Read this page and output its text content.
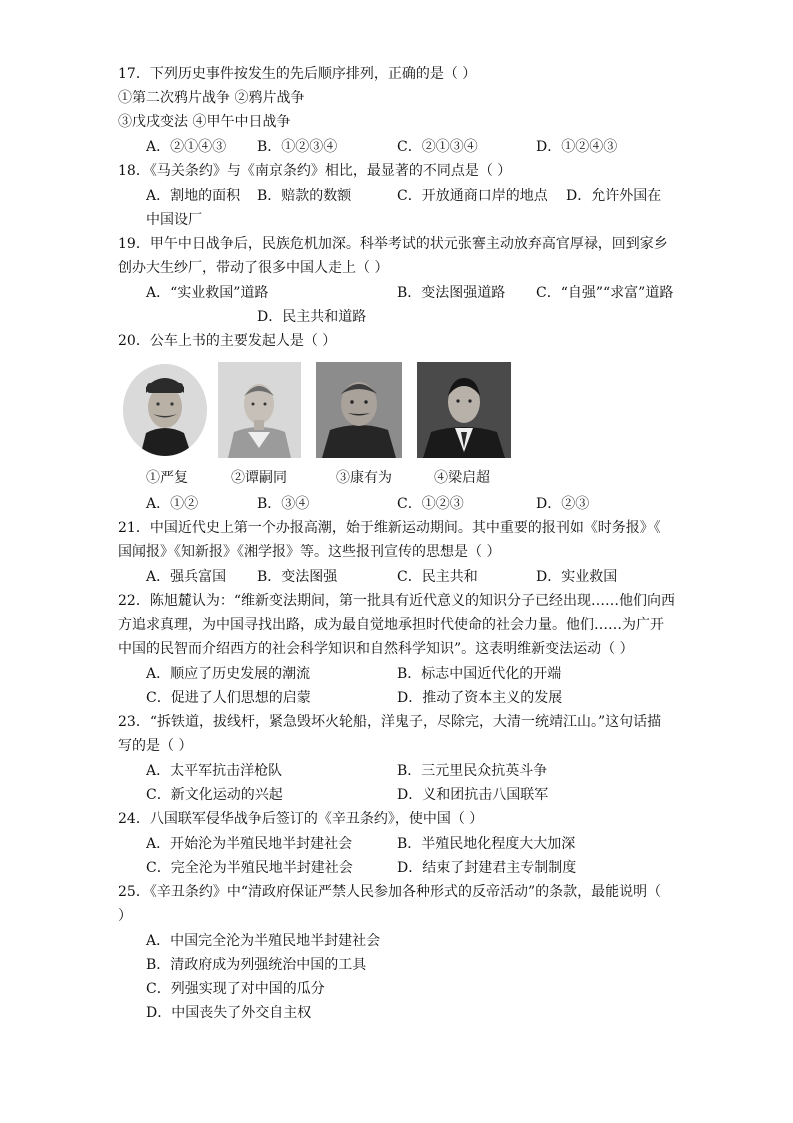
17．下列历史事件按发生的先后顺序排列，正确的是（ ）
①第二次鸦片战争 ②鸦片战争
③戊戌变法 ④甲午中日战争
A．②①④③ B．①②③④	C．②①③④	D．①②④③
18．《马关条约》与《南京条约》相比，最显著的不同点是（ ）
A．割地的面积 B．赔款的数额	C．开放通商口岸的地点 D．允许外国在
中国设厂
19．甲午中日战争后，民族危机加深。科举考试的状元张謇主动放弃高官厚禄，回到家乡
创办大生纱厂，带动了很多中国人走上（ ）
A．“实业救国”道路	B．变法图强道路 C．“自强”“求富”道路
D．民主共和道路
20．公车上书的主要发起人是（ ）
①严复	②谭嗣同	③康有为	④梁启超
A．①②	B．③④	C．①②③	D．②③
21．中国近代史上第一个办报高潮，始于维新运动期间。其中重要的报刊如《时务报》《
国闻报》《知新报》《湘学报》等。这些报刊宣传的思想是（ ）
A．强兵富国 B．变法图强	C．民主共和	D．实业救国
22．陈旭麓认为：“维新变法期间，第一批具有近代意义的知识分子已经出现……他们向西
方追求真理，为中国寻找出路，成为最自觉地承担时代使命的社会力量。他们……为广开
中国的民智而介绍西方的社会科学知识和自然科学知识”。这表明维新变法运动（ ）
A．顺应了历史发展的潮流	B．标志中国近代化的开端
C．促进了人们思想的启蒙	D．推动了资本主义的发展
23．“拆铁道，拔线杆，紧急毁坏火轮船，洋鬼子，尽除完，大清一统靖江山。”这句话描
写的是（ ）
A．太平军抗击洋枪队	B．三元里民众抗英斗争
C．新文化运动的兴起	D．义和团抗击八国联军
24．八国联军侵华战争后签订的《辛丑条约》，使中国（ ）
A．开始沦为半殖民地半封建社会	B．半殖民地化程度大大加深
C．完全沦为半殖民地半封建社会	D．结束了封建君主专制制度
25．《辛丑条约》中“清政府保证严禁人民参加各种形式的反帝活动”的条款，最能说明（
）
A．中国完全沦为半殖民地半封建社会
B．清政府成为列强统治中国的工具
C．列强实现了对中国的瓜分
D．中国丧失了外交自主权
